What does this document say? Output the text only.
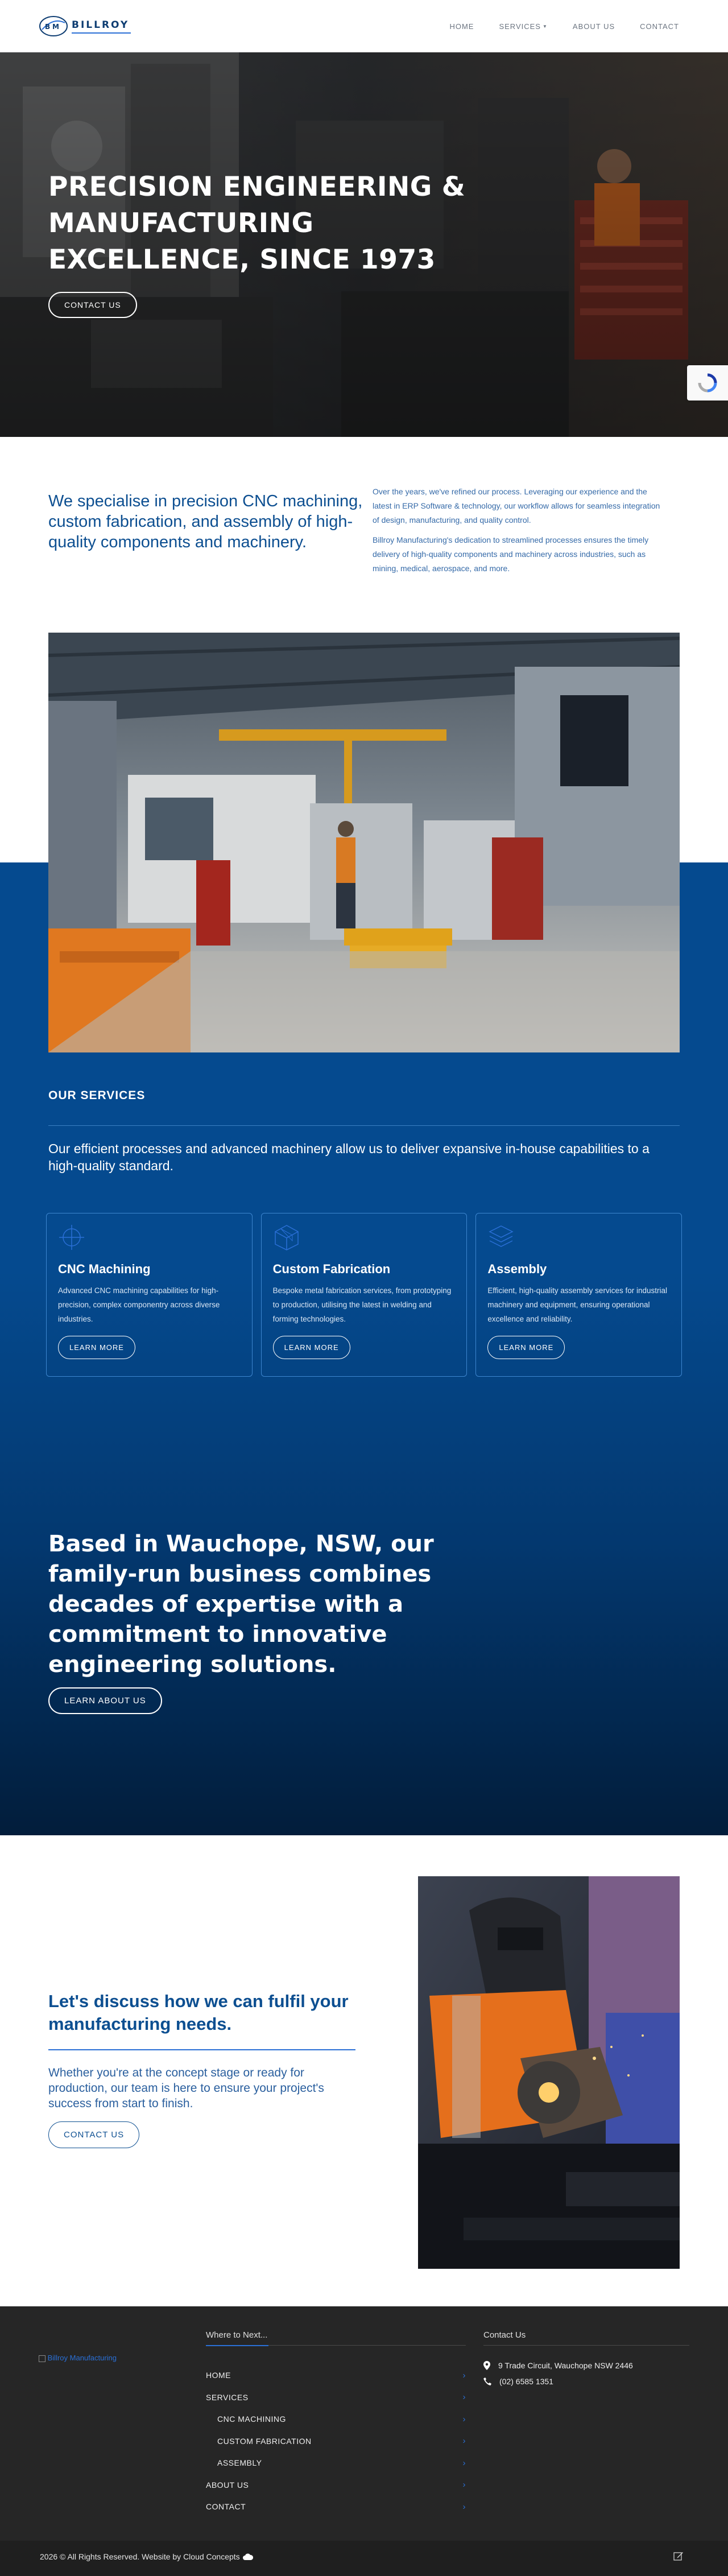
B M BILLROY	HOME	SERVICES ▼	ABOUT US	CONTACT
PRECISION ENGINEERING &
MANUFACTURING
EXCELLENCE, SINCE 1973
CONTACT US

We specialise in precision CNC machining, custom fabrication, and assembly of high-quality components and machinery.

Over the years, we've refined our process. Leveraging our experience and the latest in ERP Software & technology, our workflow allows for seamless integration of design, manufacturing, and quality control.

Billroy Manufacturing's dedication to streamlined processes ensures the timely delivery of high-quality components and machinery across industries, such as mining, medical, aerospace, and more.

OUR SERVICES

Our efficient processes and advanced machinery allow us to deliver expansive in-house capabilities to a high-quality standard.

CNC Machining

Advanced CNC machining capabilities for high-precision, complex componentry across diverse industries.

LEARN MORE
Custom Fabrication

Bespoke metal fabrication services, from prototyping to production, utilising the latest in welding and forming technologies.

LEARN MORE
Assembly

Efficient, high-quality assembly services for industrial machinery and equipment, ensuring operational excellence and reliability.

LEARN MORE

Based in Wauchope, NSW, our family-run business combines decades of expertise with a commitment to innovative engineering solutions.

LEARN ABOUT US
Let's discuss how we can fulfil your manufacturing needs.

Whether you're at the concept stage or ready for production, our team is here to ensure your project's success from start to finish.

CONTACT US
Billroy Manufacturing
Where to Next...	Contact Us
9 Trade Circuit, Wauchope NSW 2446
(02) 6585 1351
HOME	›
SERVICES	›
CNC MACHINING	›
CUSTOM FABRICATION	›
ASSEMBLY	›
ABOUT US	›
CONTACT	›
2026 © All Rights Reserved. Website by Cloud Concepts
